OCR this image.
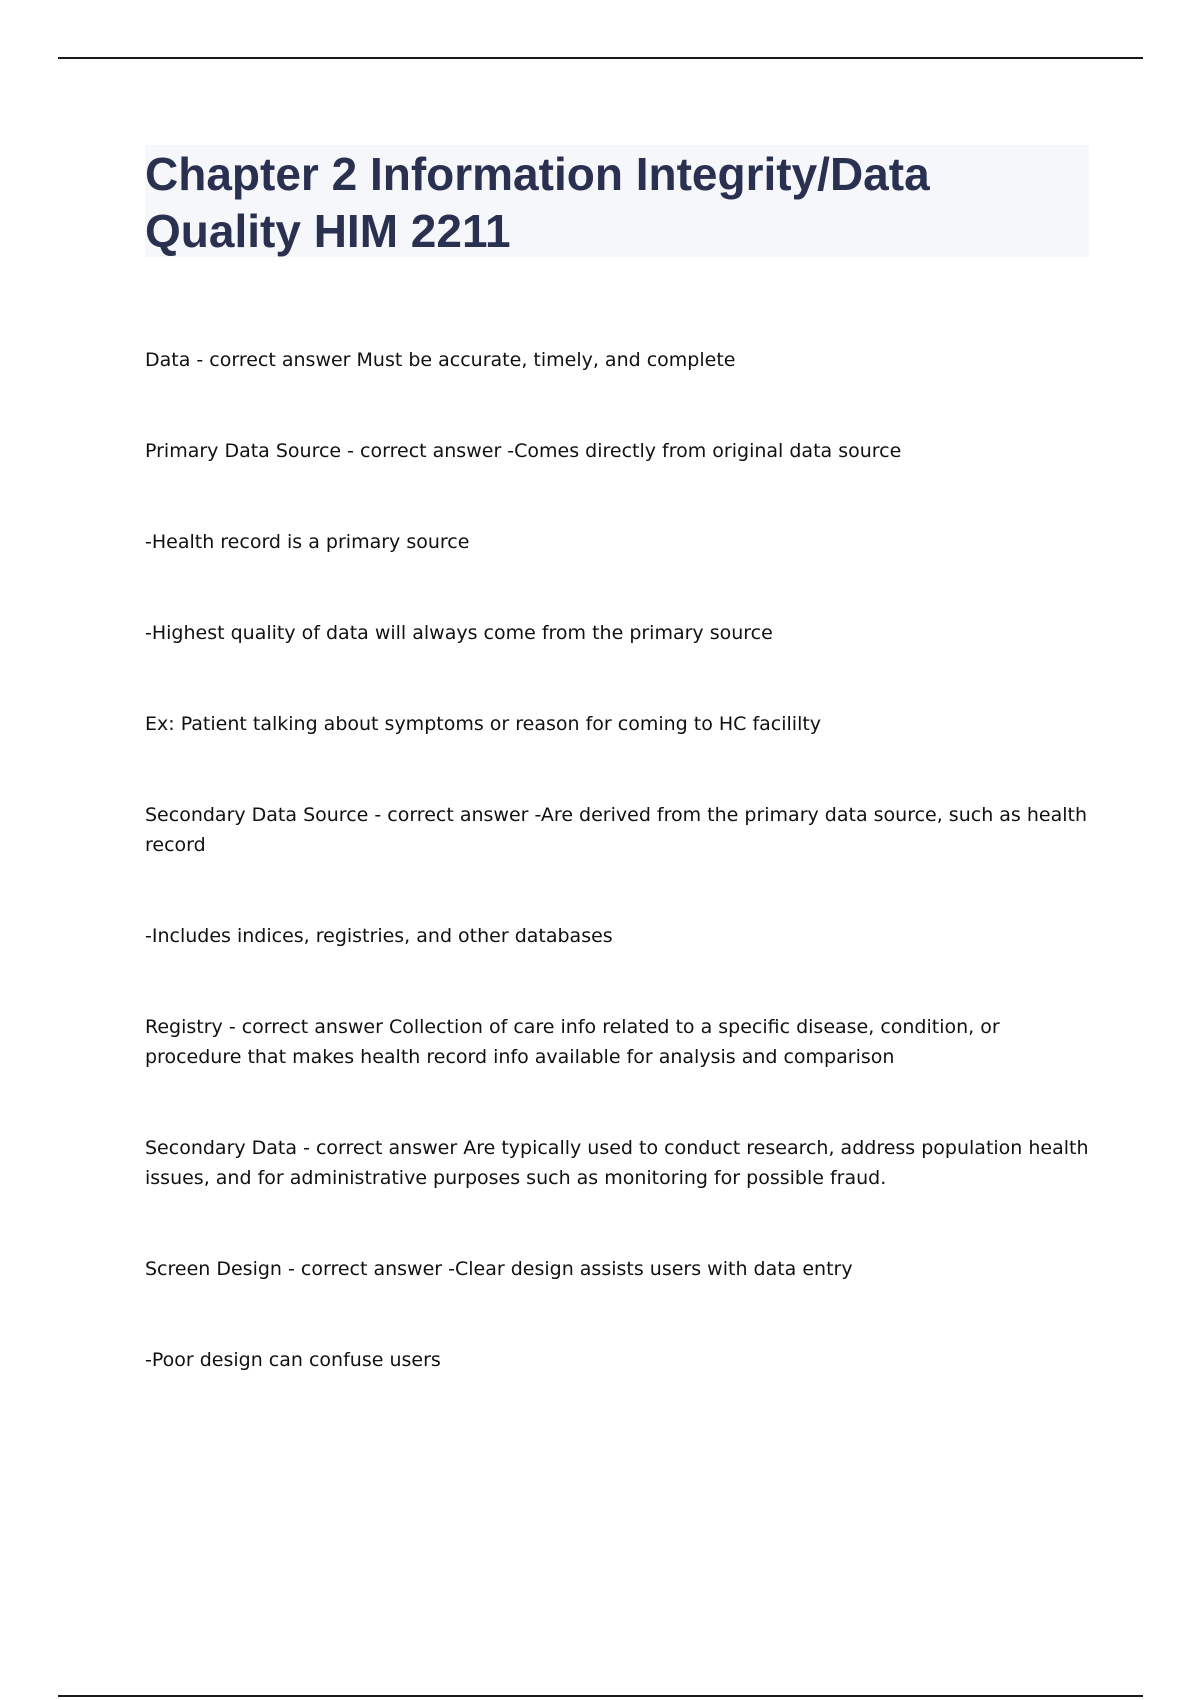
Chapter 2 Information Integrity/Data Quality HIM 2211

Data - correct answer Must be accurate, timely, and complete

Primary Data Source - correct answer -Comes directly from original data source

-Health record is a primary source

-Highest quality of data will always come from the primary source

Ex: Patient talking about symptoms or reason for coming to HC facililty

Secondary Data Source - correct answer -Are derived from the primary data source, such as health record

-Includes indices, registries, and other databases

Registry - correct answer Collection of care info related to a specific disease, condition, or procedure that makes health record info available for analysis and comparison

Secondary Data - correct answer Are typically used to conduct research, address population health issues, and for administrative purposes such as monitoring for possible fraud.

Screen Design - correct answer -Clear design assists users with data entry

-Poor design can confuse users
